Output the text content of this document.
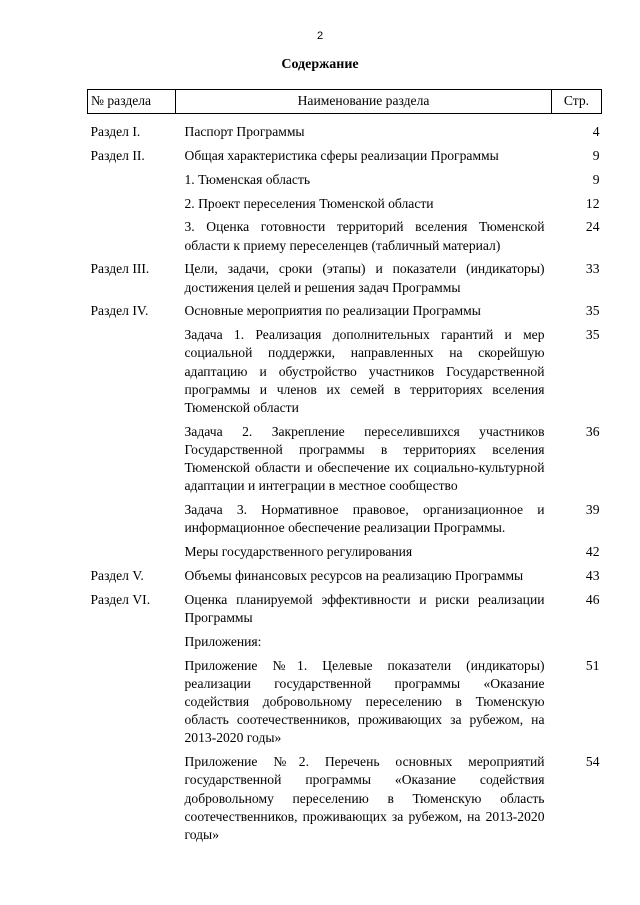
2
Содержание
№ раздела	Наименование раздела	Стр.

Раздел I.	Паспорт Программы	4
Раздел II.	Общая характеристика сферы реализации Программы	9
	1. Тюменская область	9
	2. Проект переселения Тюменской области	12
	3. Оценка готовности территорий вселения Тюменской области к приему переселенцев (табличный материал)	24
Раздел III.	Цели, задачи, сроки (этапы) и показатели (индикаторы) достижения целей и решения задач Программы	33
Раздел IV.	Основные мероприятия по реализации Программы	35
	Задача 1. Реализация дополнительных гарантий и мер социальной поддержки, направленных на скорейшую адаптацию и обустройство участников Государственной программы и членов их семей в территориях вселения Тюменской области	35
	Задача 2. Закрепление переселившихся участников Государственной программы в территориях вселения Тюменской области и обеспечение их социально-культурной адаптации и интеграции в местное сообщество	36
	Задача 3. Нормативное правовое, организационное и информационное обеспечение реализации Программы.	39
	Меры государственного регулирования	42
Раздел V.	Объемы финансовых ресурсов на реализацию Программы	43
Раздел VI.	Оценка планируемой эффективности и риски реализации Программы	46
	Приложения:	
	Приложение №1. Целевые показатели (индикаторы) реализации государственной программы «Оказание содействия добровольному переселению в Тюменскую область соотечественников, проживающих за рубежом, на 2013-2020 годы»	51
	Приложение №2. Перечень основных мероприятий государственной программы «Оказание содействия добровольному переселению в Тюменскую область соотечественников, проживающих за рубежом, на 2013-2020 годы»	54
